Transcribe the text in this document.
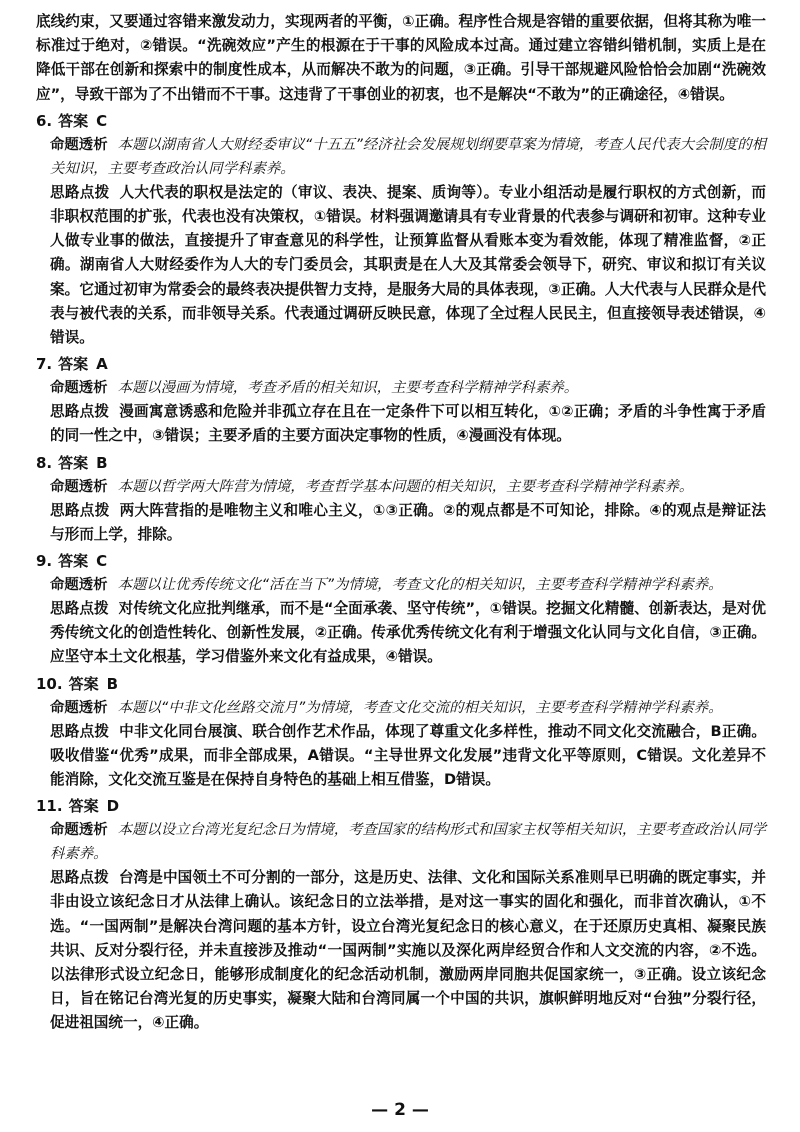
底线约束，又要通过容错来激发动力，实现两者的平衡，①正确。程序性合规是容错的重要依据，但将其称为唯一标准过于绝对，②错误。“洗碗效应”产生的根源在于干事的风险成本过高。通过建立容错纠错机制，实质上是在降低干部在创新和探索中的制度性成本，从而解决不敢为的问题，③正确。引导干部规避风险恰恰会加剧“洗碗效应”，导致干部为了不出错而不干事。这违背了干事创业的初衷，也不是解决“不敢为”的正确途径，④错误。

6. 答案 C

命题透析 本题以湖南省人大财经委审议“十五五”经济社会发展规划纲要草案为情境，考查人民代表大会制度的相关知识，主要考查政治认同学科素养。

思路点拨 人大代表的职权是法定的（审议、表决、提案、质询等）。专业小组活动是履行职权的方式创新，而非职权范围的扩张，代表也没有决策权，①错误。材料强调邀请具有专业背景的代表参与调研和初审。这种专业人做专业事的做法，直接提升了审查意见的科学性，让预算监督从看账本变为看效能，体现了精准监督，②正确。湖南省人大财经委作为人大的专门委员会，其职责是在人大及其常委会领导下，研究、审议和拟订有关议案。它通过初审为常委会的最终表决提供智力支持，是服务大局的具体表现，③正确。人大代表与人民群众是代表与被代表的关系，而非领导关系。代表通过调研反映民意，体现了全过程人民民主，但直接领导表述错误，④错误。

7. 答案 A

命题透析 本题以漫画为情境，考查矛盾的相关知识，主要考查科学精神学科素养。

思路点拨 漫画寓意诱惑和危险并非孤立存在且在一定条件下可以相互转化，①②正确；矛盾的斗争性寓于矛盾的同一性之中，③错误；主要矛盾的主要方面决定事物的性质，④漫画没有体现。

8. 答案 B

命题透析 本题以哲学两大阵营为情境，考查哲学基本问题的相关知识，主要考查科学精神学科素养。

思路点拨 两大阵营指的是唯物主义和唯心主义，①③正确。②的观点都是不可知论，排除。④的观点是辩证法与形而上学，排除。

9. 答案 C

命题透析 本题以让优秀传统文化“活在当下”为情境，考查文化的相关知识，主要考查科学精神学科素养。

思路点拨 对传统文化应批判继承，而不是“全面承袭、坚守传统”，①错误。挖掘文化精髓、创新表达，是对优秀传统文化的创造性转化、创新性发展，②正确。传承优秀传统文化有利于增强文化认同与文化自信，③正确。应坚守本土文化根基，学习借鉴外来文化有益成果，④错误。

10. 答案 B

命题透析 本题以“中非文化丝路交流月”为情境，考查文化交流的相关知识，主要考查科学精神学科素养。

思路点拨 中非文化同台展演、联合创作艺术作品，体现了尊重文化多样性，推动不同文化交流融合，B正确。吸收借鉴“优秀”成果，而非全部成果，A错误。“主导世界文化发展”违背文化平等原则，C错误。文化差异不能消除，文化交流互鉴是在保持自身特色的基础上相互借鉴，D错误。

11. 答案 D

命题透析 本题以设立台湾光复纪念日为情境，考查国家的结构形式和国家主权等相关知识，主要考查政治认同学科素养。

思路点拨 台湾是中国领土不可分割的一部分，这是历史、法律、文化和国际关系准则早已明确的既定事实，并非由设立该纪念日才从法律上确认。该纪念日的立法举措，是对这一事实的固化和强化，而非首次确认，①不选。“一国两制”是解决台湾问题的基本方针，设立台湾光复纪念日的核心意义，在于还原历史真相、凝聚民族共识、反对分裂行径，并未直接涉及推动“一国两制”实施以及深化两岸经贸合作和人文交流的内容，②不选。以法律形式设立纪念日，能够形成制度化的纪念活动机制，激励两岸同胞共促国家统一，③正确。设立该纪念日，旨在铭记台湾光复的历史事实，凝聚大陆和台湾同属一个中国的共识，旗帜鲜明地反对“台独”分裂行径，促进祖国统一，④正确。

— 2 —
